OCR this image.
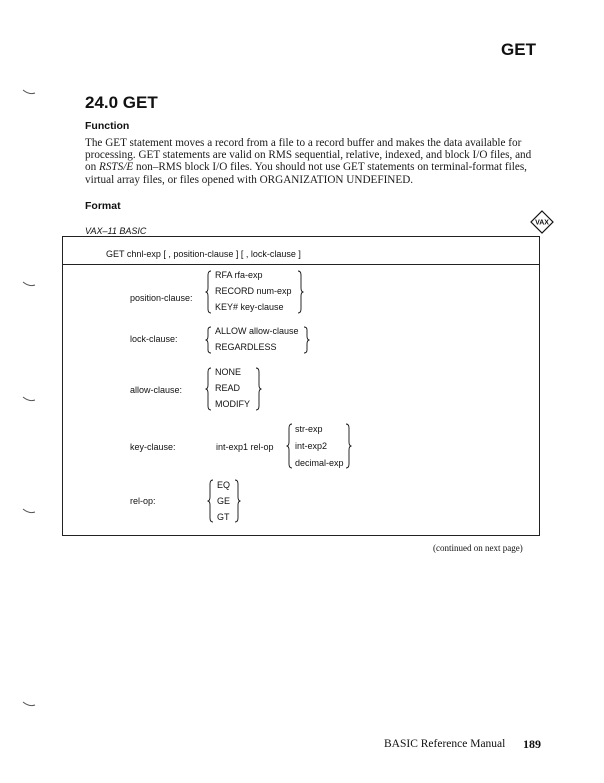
GET
24.0 GET
Function
The GET statement moves a record from a file to a record buffer and makes the data available for processing. GET statements are valid on RMS sequential, relative, indexed, and block I/O files, and on RSTS/E non–RMS block I/O files. You should not use GET statements on terminal-format files, virtual array files, or files opened with ORGANIZATION UNDEFINED.
Format
VAX–11 BASIC
VAX
GET chnl-exp [ , position-clause ] [ , lock-clause ]
position-clause:
RFA rfa-exp
RECORD num-exp
KEY# key-clause
lock-clause:
ALLOW allow-clause
REGARDLESS
allow-clause:
NONE
READ
MODIFY
key-clause:	int-exp1 rel-op
str-exp
int-exp2
decimal-exp
rel-op:
EQ
GE
GT
(continued on next page)
BASIC Reference Manual 189
